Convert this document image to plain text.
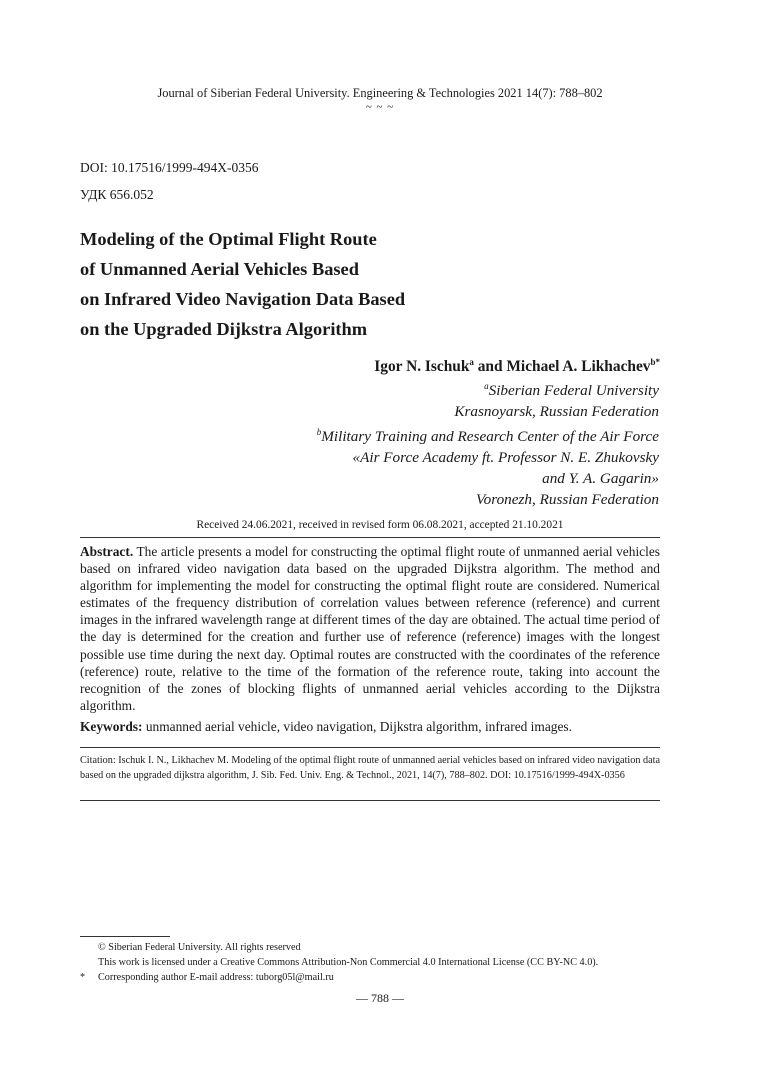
Journal of Siberian Federal University. Engineering & Technologies 2021 14(7): 788–802
~ ~ ~
DOI: 10.17516/1999-494X-0356
УДК 656.052
Modeling of the Optimal Flight Route
of Unmanned Aerial Vehicles Based
on Infrared Video Navigation Data Based
on the Upgraded Dijkstra Algorithm
Igor N. Ischuk$^a$ and Michael A. Likhachev$^{b*}$
$^a$Siberian Federal University
Krasnoyarsk, Russian Federation
$^b$Military Training and Research Center of the Air Force
«Air Force Academy ft. Professor N. E. Zhukovsky
and Y. A. Gagarin»
Voronezh, Russian Federation
Received 24.06.2021, received in revised form 06.08.2021, accepted 21.10.2021
Abstract. The article presents a model for constructing the optimal flight route of unmanned aerial vehicles based on infrared video navigation data based on the upgraded Dijkstra algorithm. The method and algorithm for implementing the model for constructing the optimal flight route are considered. Numerical estimates of the frequency distribution of correlation values between reference (reference) and current images in the infrared wavelength range at different times of the day are obtained. The actual time period of the day is determined for the creation and further use of reference (reference) images with the longest possible use time during the next day. Optimal routes are constructed with the coordinates of the reference (reference) route, relative to the time of the formation of the reference route, taking into account the recognition of the zones of blocking flights of unmanned aerial vehicles according to the Dijkstra algorithm.
Keywords: unmanned aerial vehicle, video navigation, Dijkstra algorithm, infrared images.
Citation: Ischuk I. N., Likhachev M. Modeling of the optimal flight route of unmanned aerial vehicles based on infrared video navigation data based on the upgraded dijkstra algorithm, J. Sib. Fed. Univ. Eng. & Technol., 2021, 14(7), 788–802. DOI: 10.17516/1999-494X-0356
© Siberian Federal University. All rights reserved
This work is licensed under a Creative Commons Attribution-Non Commercial 4.0 International License (CC BY-NC 4.0).
* Corresponding author E-mail address: tuborg05l@mail.ru
— 788 —
